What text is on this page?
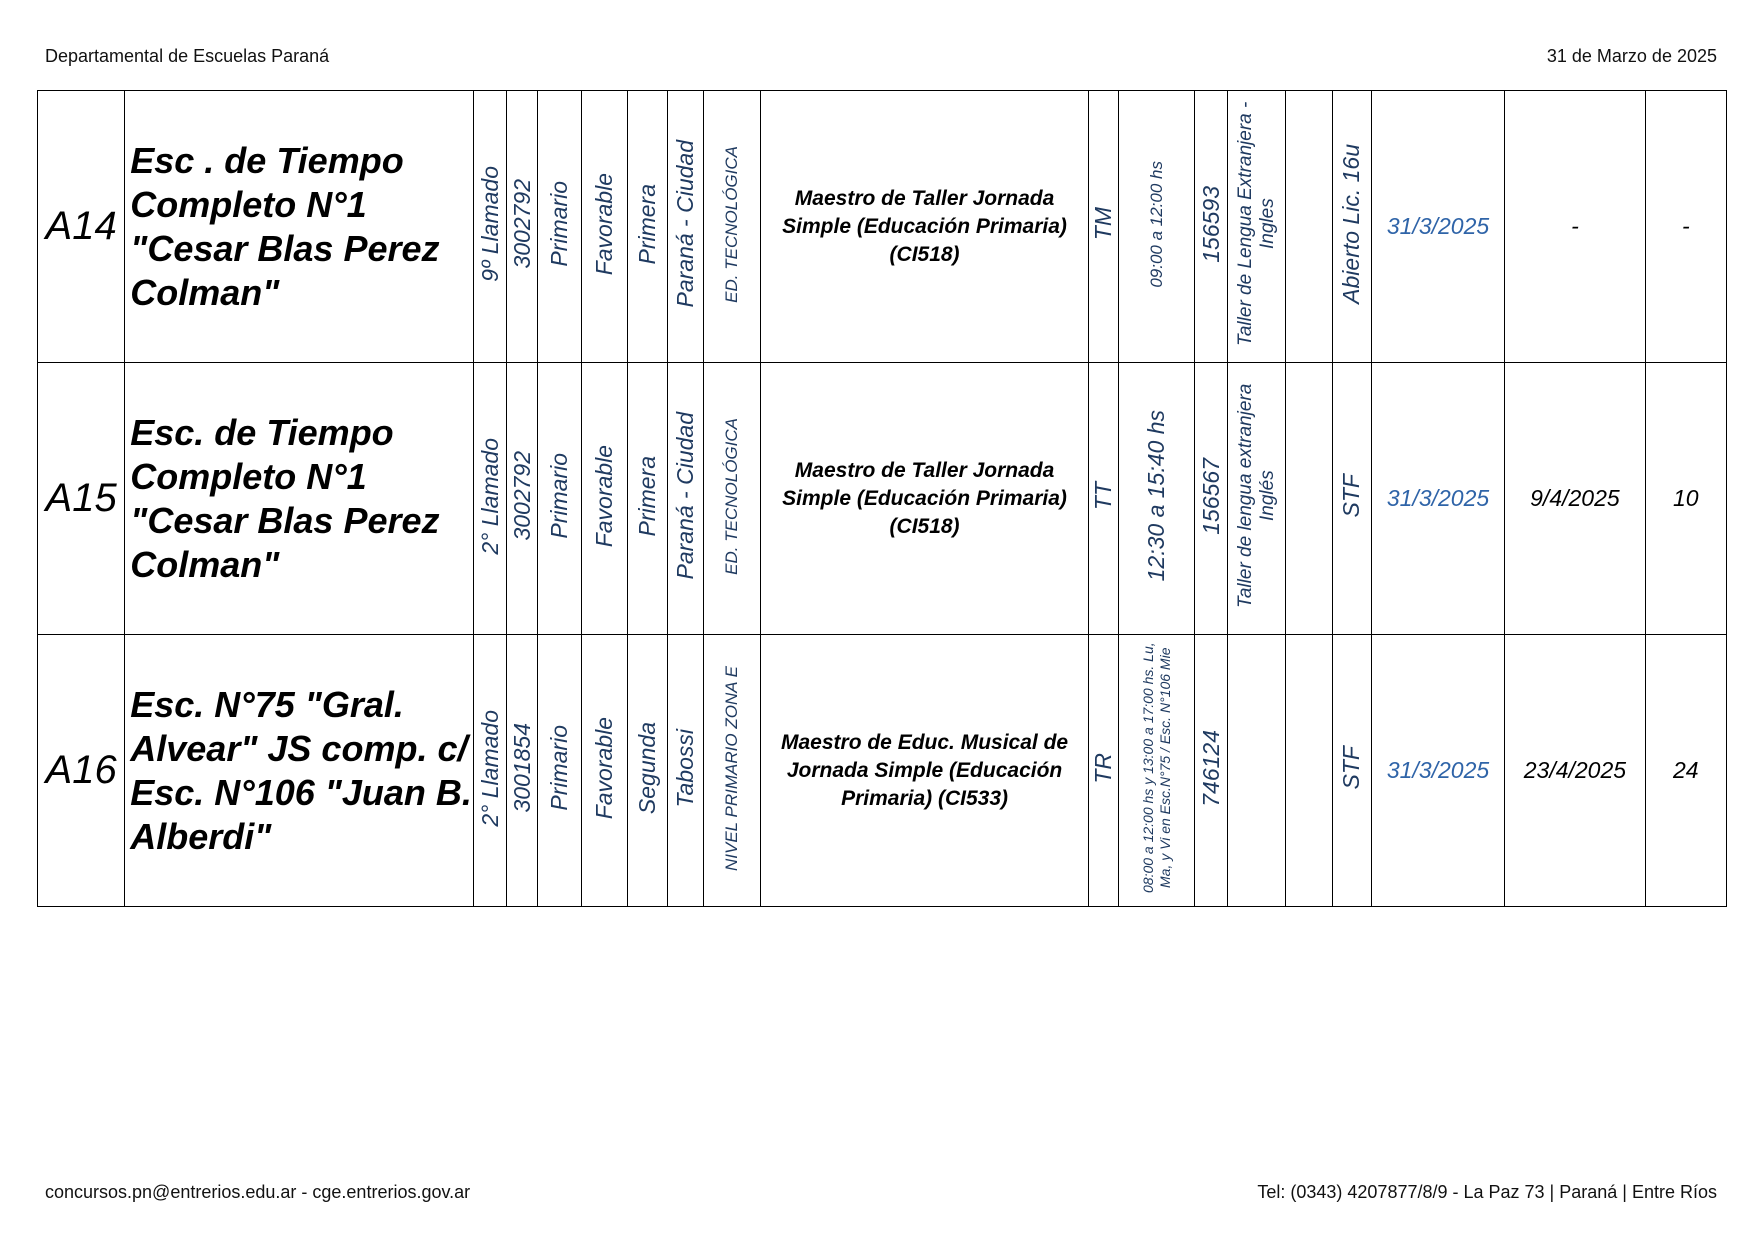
Departamental de Escuelas Paraná	31 de Marzo de 2025
A14	Esc . de Tiempo Completo N°1 "Cesar Blas Perez Colman"	9º Llamado	3002792	Primario	Favorable	Primera	Paraná - Ciudad	ED. TECNOLÓGICA	Maestro de Taller Jornada Simple (Educación Primaria) (CI518)	TM	09:00 a 12:00 hs	156593	Taller de Lengua Extranjera - Ingles		Abierto Lic. 16u	31/3/2025	-	-
A15	Esc. de Tiempo Completo N°1 "Cesar Blas Perez Colman"	2° Llamado	3002792	Primario	Favorable	Primera	Paraná - Ciudad	ED. TECNOLÓGICA	Maestro de Taller Jornada Simple (Educación Primaria) (CI518)	TT	12:30 a 15:40 hs	156567	Taller de lengua extranjera Inglés		STF	31/3/2025	9/4/2025	10
A16	Esc. N°75 "Gral. Alvear" JS comp. c/ Esc. N°106 "Juan B. Alberdi"	2° Llamado	3001854	Primario	Favorable	Segunda	Tabossi	NIVEL PRIMARIO ZONA E	Maestro de Educ. Musical de Jornada Simple (Educación Primaria) (CI533)	TR	08:00 a 12:00 hs y 13:00 a 17:00 hs. Lu, Ma, y Vi en Esc.N°75 / Esc. N°106 Mie	746124			STF	31/3/2025	23/4/2025	24
concursos.pn@entrerios.edu.ar - cge.entrerios.gov.ar	Tel: (0343) 4207877/8/9 - La Paz 73 | Paraná | Entre Ríos
